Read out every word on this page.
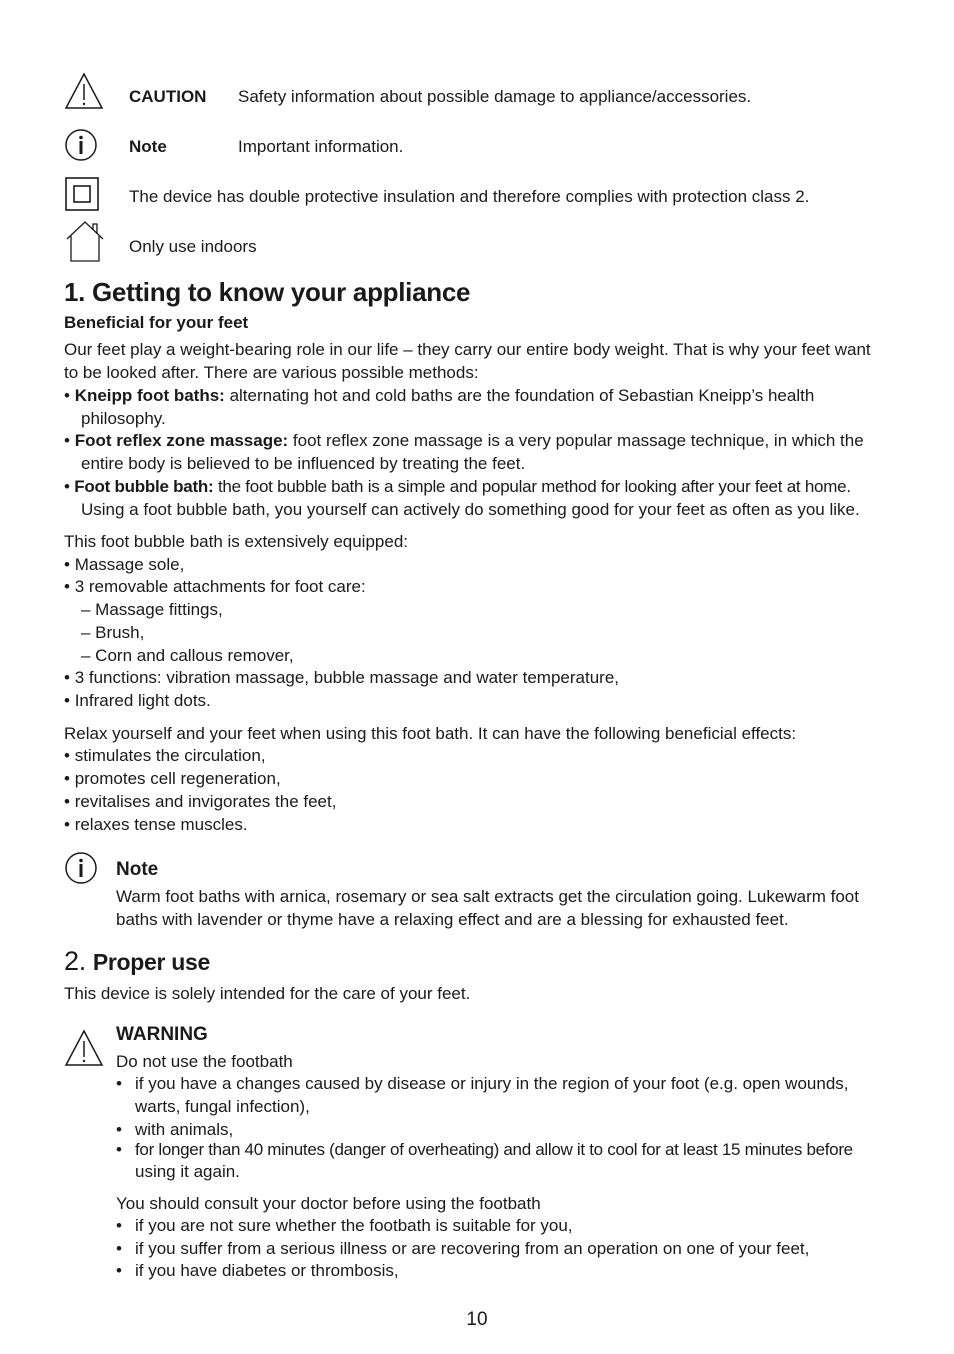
CAUTION Safety information about possible damage to appliance/accessories.
Note	Important information.
The device has double protective insulation and therefore complies with protection class 2.
Only use indoors
1. Getting to know your appliance
Beneficial for your feet
Our feet play a weight-bearing role in our life – they carry our entire body weight. That is why your feet want
to be looked after. There are various possible methods:
• Kneipp foot baths: alternating hot and cold baths are the foundation of Sebastian Kneipp’s health
philosophy.
• Foot reflex zone massage: foot reflex zone massage is a very popular massage technique, in which the
entire body is believed to be influenced by treating the feet.
• Foot bubble bath: the foot bubble bath is a simple and popular method for looking after your feet at home.
Using a foot bubble bath, you yourself can actively do something good for your feet as often as you like.
This foot bubble bath is extensively equipped:
• Massage sole,
• 3 removable attachments for foot care:
– Massage fittings,
– Brush,
– Corn and callous remover,
• 3 functions: vibration massage, bubble massage and water temperature,
• Infrared light dots.
Relax yourself and your feet when using this foot bath. It can have the following beneficial effects:
• stimulates the circulation,
• promotes cell regeneration,
• revitalises and invigorates the feet,
• relaxes tense muscles.
Note
Warm foot baths with arnica, rosemary or sea salt extracts get the circulation going. Lukewarm foot
baths with lavender or thyme have a relaxing effect and are a blessing for exhausted feet.
2. Proper use
This device is solely intended for the care of your feet.
WARNING
Do not use the footbath
• if you have a changes caused by disease or injury in the region of your foot (e.g. open wounds,
warts, fungal infection),
• with animals,
• for longer than 40 minutes (danger of overheating) and allow it to cool for at least 15 minutes before
using it again.
You should consult your doctor before using the footbath
• if you are not sure whether the footbath is suitable for you,
• if you suffer from a serious illness or are recovering from an operation on one of your feet,
• if you have diabetes or thrombosis,
10
